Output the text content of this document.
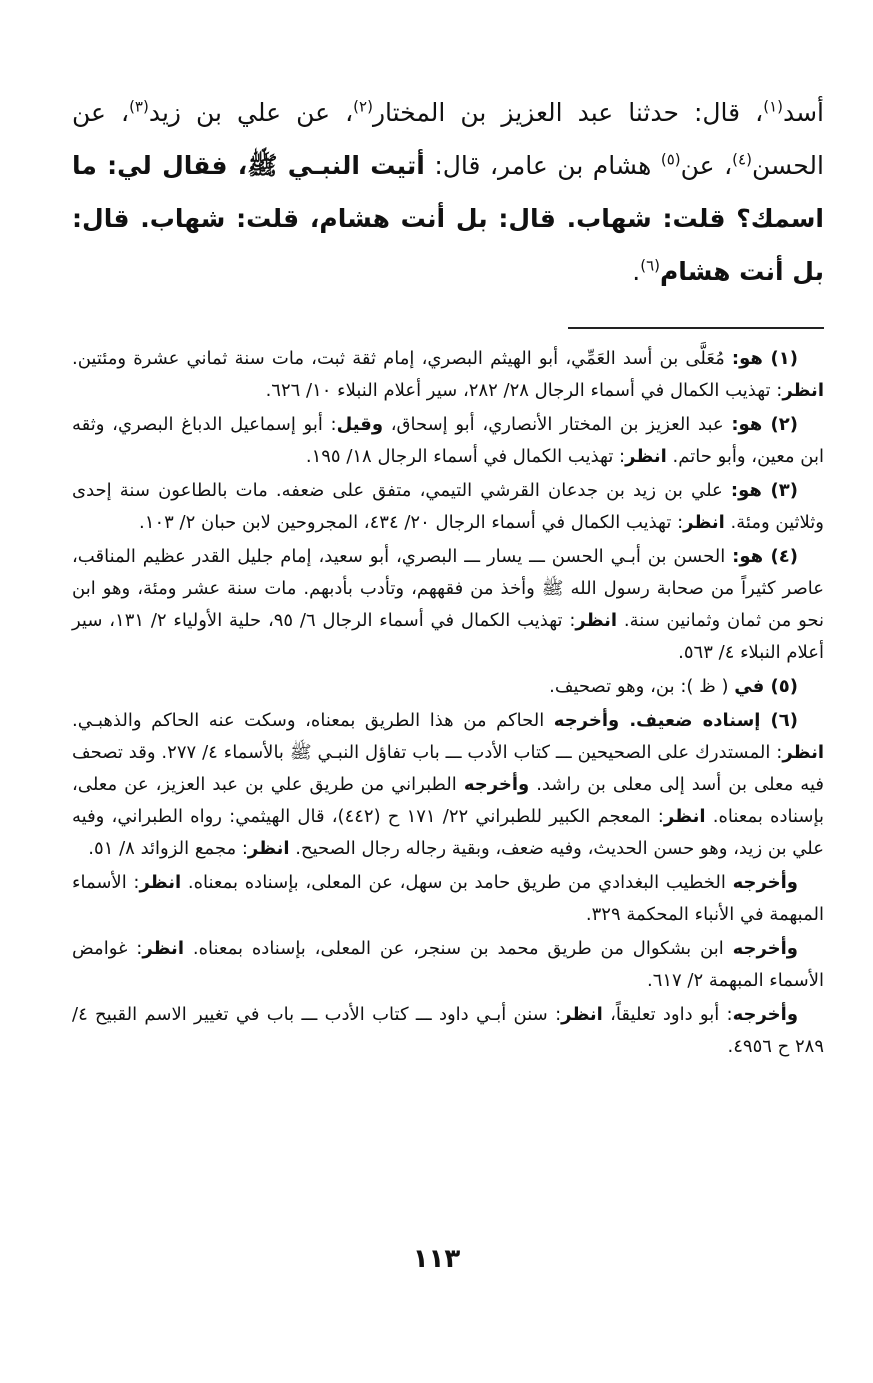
أسد$^{(١)}$، قال: حدثنا عبد العزيز بن المختار$^{(٢)}$، عن علي بن زيد$^{(٣)}$، عن الحسن$^{(٤)}$، عن$^{(٥)}$ هشام بن عامر، قال: أتيت النبـي ﷺ، فقال لي: ما اسمك؟ قلت: شهاب. قال: بل أنت هشام، قلت: شهاب. قال: بل أنت هشام$^{(٦)}$.

(١) هو: مُعَلَّى بن أسد العَمِّي، أبو الهيثم البصري، إمام ثقة ثبت، مات سنة ثماني عشرة ومئتين. انظر: تهذيب الكمال في أسماء الرجال ٢٨/ ٢٨٢، سير أعلام النبلاء ١٠/ ٦٢٦.
(٢) هو: عبد العزيز بن المختار الأنصاري، أبو إسحاق، وقيل: أبو إسماعيل الدباغ البصري، وثقه ابن معين، وأبو حاتم. انظر: تهذيب الكمال في أسماء الرجال ١٨/ ١٩٥.
(٣) هو: علي بن زيد بن جدعان القرشي التيمي، متفق على ضعفه. مات بالطاعون سنة إحدى وثلاثين ومئة. انظر: تهذيب الكمال في أسماء الرجال ٢٠/ ٤٣٤، المجروحين لابن حبان ٢/ ١٠٣.
(٤) هو: الحسن بن أبـي الحسن ـــ يسار ـــ البصري، أبو سعيد، إمام جليل القدر عظيم المناقب، عاصر كثيراً من صحابة رسول الله ﷺ وأخذ من فقههم، وتأدب بأدبهم. مات سنة عشر ومئة، وهو ابن نحو من ثمان وثمانين سنة. انظر: تهذيب الكمال في أسماء الرجال ٦/ ٩٥، حلية الأولياء ٢/ ١٣١، سير أعلام النبلاء ٤/ ٥٦٣.
(٥) في ( ظ ): بن، وهو تصحيف.
(٦) إسناده ضعيف. وأخرجه الحاكم من هذا الطريق بمعناه، وسكت عنه الحاكم والذهبـي. انظر: المستدرك على الصحيحين ـــ كتاب الأدب ـــ باب تفاؤل النبـي ﷺ بالأسماء ٤/ ٢٧٧. وقد تصحف فيه معلى بن أسد إلى معلى بن راشد. وأخرجه الطبراني من طريق علي بن عبد العزيز، عن معلى، بإسناده بمعناه. انظر: المعجم الكبير للطبراني ٢٢/ ١٧١ ح (٤٤٢)، قال الهيثمي: رواه الطبراني، وفيه علي بن زيد، وهو حسن الحديث، وفيه ضعف، وبقية رجاله رجال الصحيح. انظر: مجمع الزوائد ٨/ ٥١.
وأخرجه الخطيب البغدادي من طريق حامد بن سهل، عن المعلى، بإسناده بمعناه. انظر: الأسماء المبهمة في الأنباء المحكمة ٣٢٩.
وأخرجه ابن بشكوال من طريق محمد بن سنجر، عن المعلى، بإسناده بمعناه. انظر: غوامض الأسماء المبهمة ٢/ ٦١٧.
وأخرجه: أبو داود تعليقاً، انظر: سنن أبـي داود ـــ كتاب الأدب ـــ باب في تغيير الاسم القبيح ٤/ ٢٨٩ ح ٤٩٥٦.
١١٣
